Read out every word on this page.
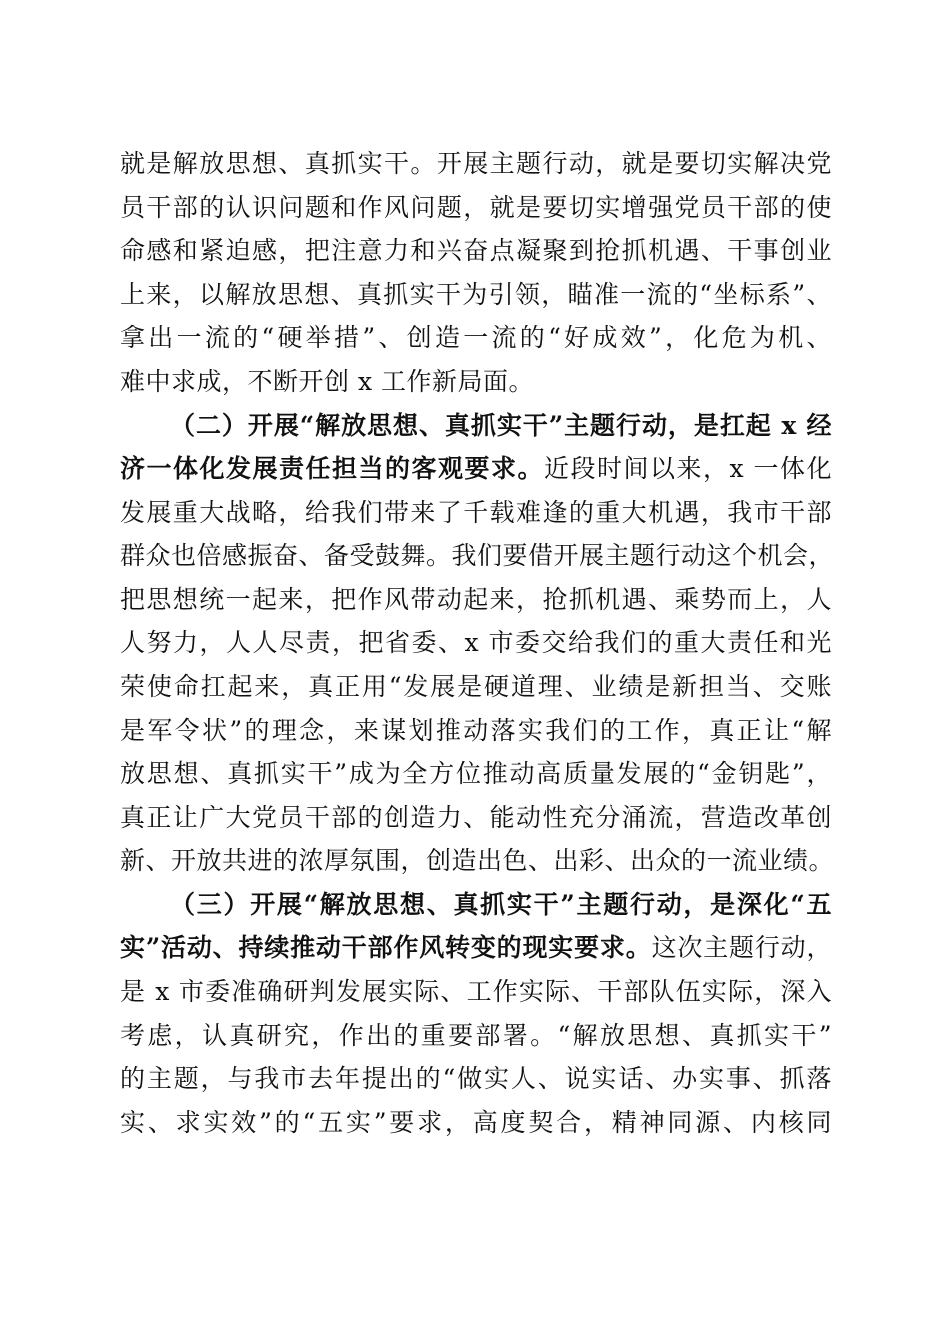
就是解放思想、真抓实干。开展主题行动，就是要切实解决党
员干部的认识问题和作风问题，就是要切实增强党员干部的使
命感和紧迫感，把注意力和兴奋点凝聚到抢抓机遇、干事创业
上来，以解放思想、真抓实干为引领，瞄准一流的“坐标系”、
拿出一流的“硬举措”、创造一流的“好成效”，化危为机、
难中求成，不断开创 x 工作新局面。
（二）开展“解放思想、真抓实干”主题行动，是扛起 x 经
济一体化发展责任担当的客观要求。近段时间以来，x 一体化
发展重大战略，给我们带来了千载难逢的重大机遇，我市干部
群众也倍感振奋、备受鼓舞。我们要借开展主题行动这个机会，
把思想统一起来，把作风带动起来，抢抓机遇、乘势而上，人
人努力，人人尽责，把省委、x 市委交给我们的重大责任和光
荣使命扛起来，真正用“发展是硬道理、业绩是新担当、交账
是军令状”的理念，来谋划推动落实我们的工作，真正让“解
放思想、真抓实干”成为全方位推动高质量发展的“金钥匙”，
真正让广大党员干部的创造力、能动性充分涌流，营造改革创
新、开放共进的浓厚氛围，创造出色、出彩、出众的一流业绩。
（三）开展“解放思想、真抓实干”主题行动，是深化“五
实”活动、持续推动干部作风转变的现实要求。这次主题行动，
是 x 市委准确研判发展实际、工作实际、干部队伍实际，深入
考虑，认真研究，作出的重要部署。“解放思想、真抓实干”
的主题，与我市去年提出的“做实人、说实话、办实事、抓落
实、求实效”的“五实”要求，高度契合，精神同源、内核同
